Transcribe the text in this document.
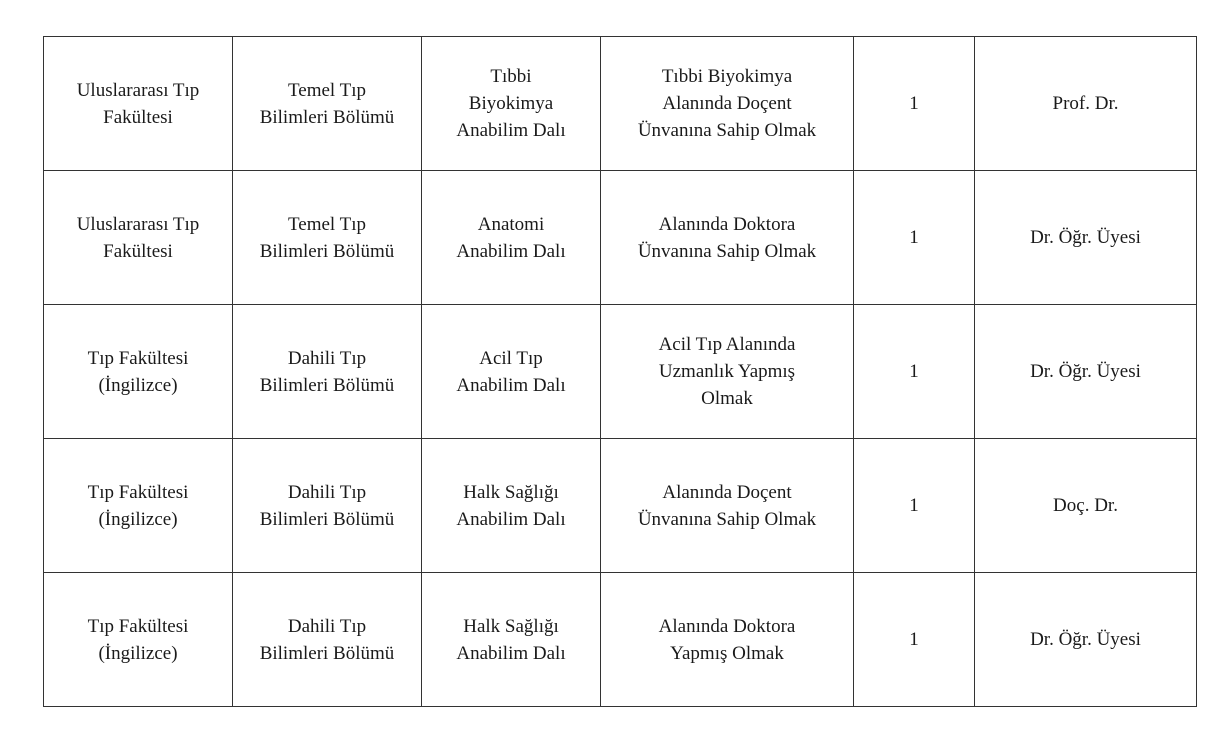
Uluslararası Tıp
Fakültesi	Temel Tıp
Bilimleri Bölümü	Tıbbi
Biyokimya
Anabilim Dalı	Tıbbi Biyokimya
Alanında Doçent
Ünvanına Sahip Olmak	1	Prof. Dr.

Uluslararası Tıp
Fakültesi	Temel Tıp
Bilimleri Bölümü	Anatomi
Anabilim Dalı	Alanında Doktora
Ünvanına Sahip Olmak	1	Dr. Öğr. Üyesi

Tıp Fakültesi
(İngilizce)	Dahili Tıp
Bilimleri Bölümü	Acil Tıp
Anabilim Dalı	Acil Tıp Alanında
Uzmanlık Yapmış
Olmak	1	Dr. Öğr. Üyesi

Tıp Fakültesi
(İngilizce)	Dahili Tıp
Bilimleri Bölümü	Halk Sağlığı
Anabilim Dalı	Alanında Doçent
Ünvanına Sahip Olmak	1	Doç. Dr.

Tıp Fakültesi
(İngilizce)	Dahili Tıp
Bilimleri Bölümü	Halk Sağlığı
Anabilim Dalı	Alanında Doktora
Yapmış Olmak	1	Dr. Öğr. Üyesi
